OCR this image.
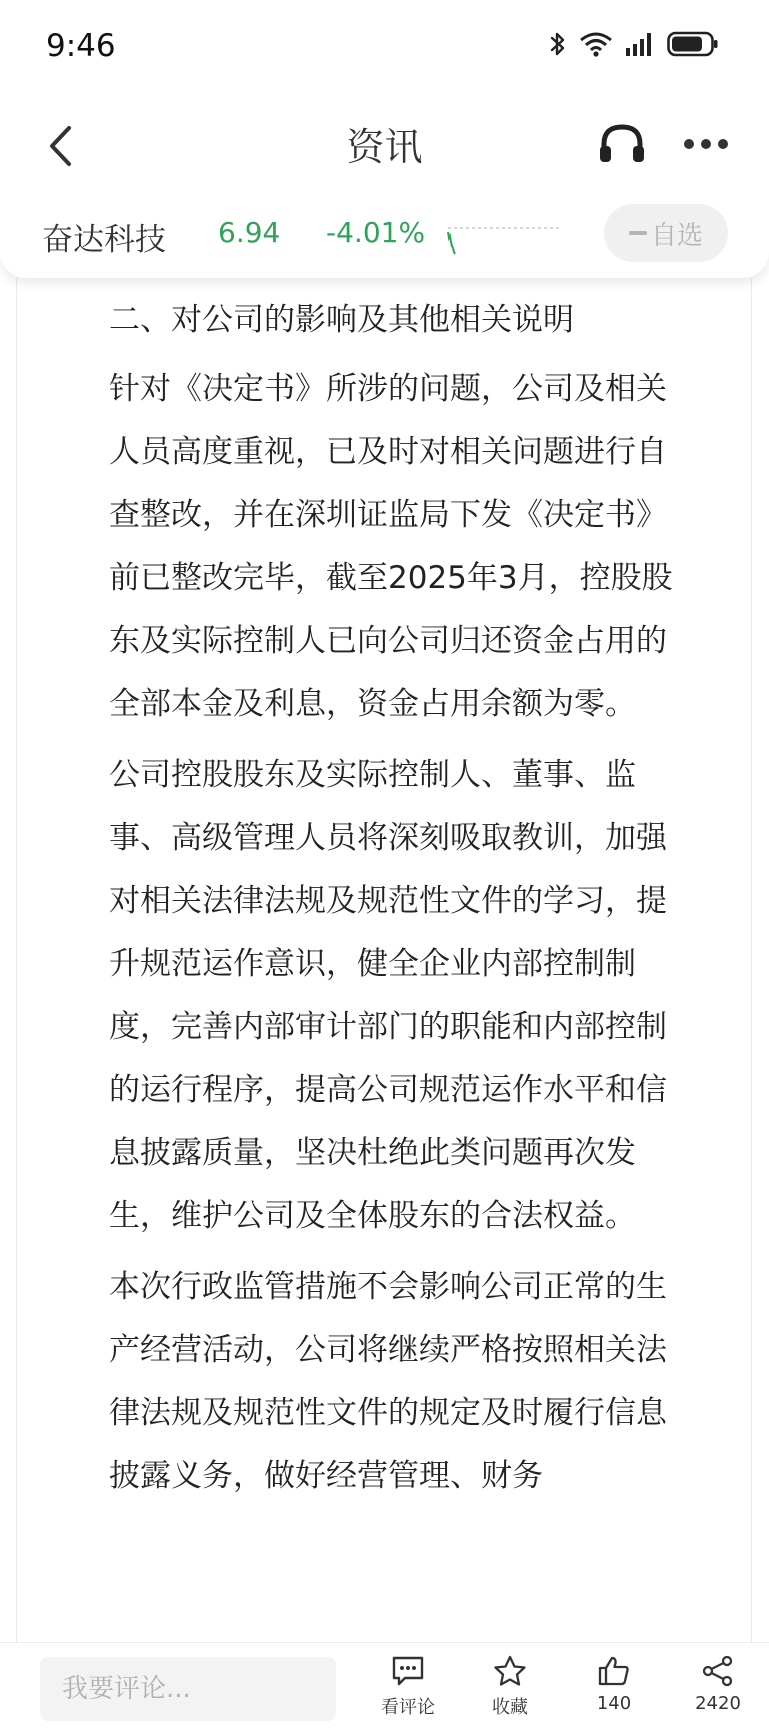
9:46
资讯
奋达科技 6.94 -4.01%	自选

二、对公司的影响及其他相关说明

针对《决定书》所涉的问题，公司及相关人员高度重视，已及时对相关问题进行自查整改，并在深圳证监局下发《决定书》前已整改完毕，截至2025年3月，控股股东及实际控制人已向公司归还资金占用的全部本金及利息，资金占用余额为零。

公司控股股东及实际控制人、董事、监事、高级管理人员将深刻吸取教训，加强对相关法律法规及规范性文件的学习，提升规范运作意识，健全企业内部控制制度，完善内部审计部门的职能和内部控制的运行程序，提高公司规范运作水平和信息披露质量，坚决杜绝此类问题再次发生，维护公司及全体股东的合法权益。

本次行政监管措施不会影响公司正常的生产经营活动，公司将继续严格按照相关法律法规及规范性文件的规定及时履行信息披露义务，做好经营管理、财务

我要评论...
看评论	收藏	140	2420
